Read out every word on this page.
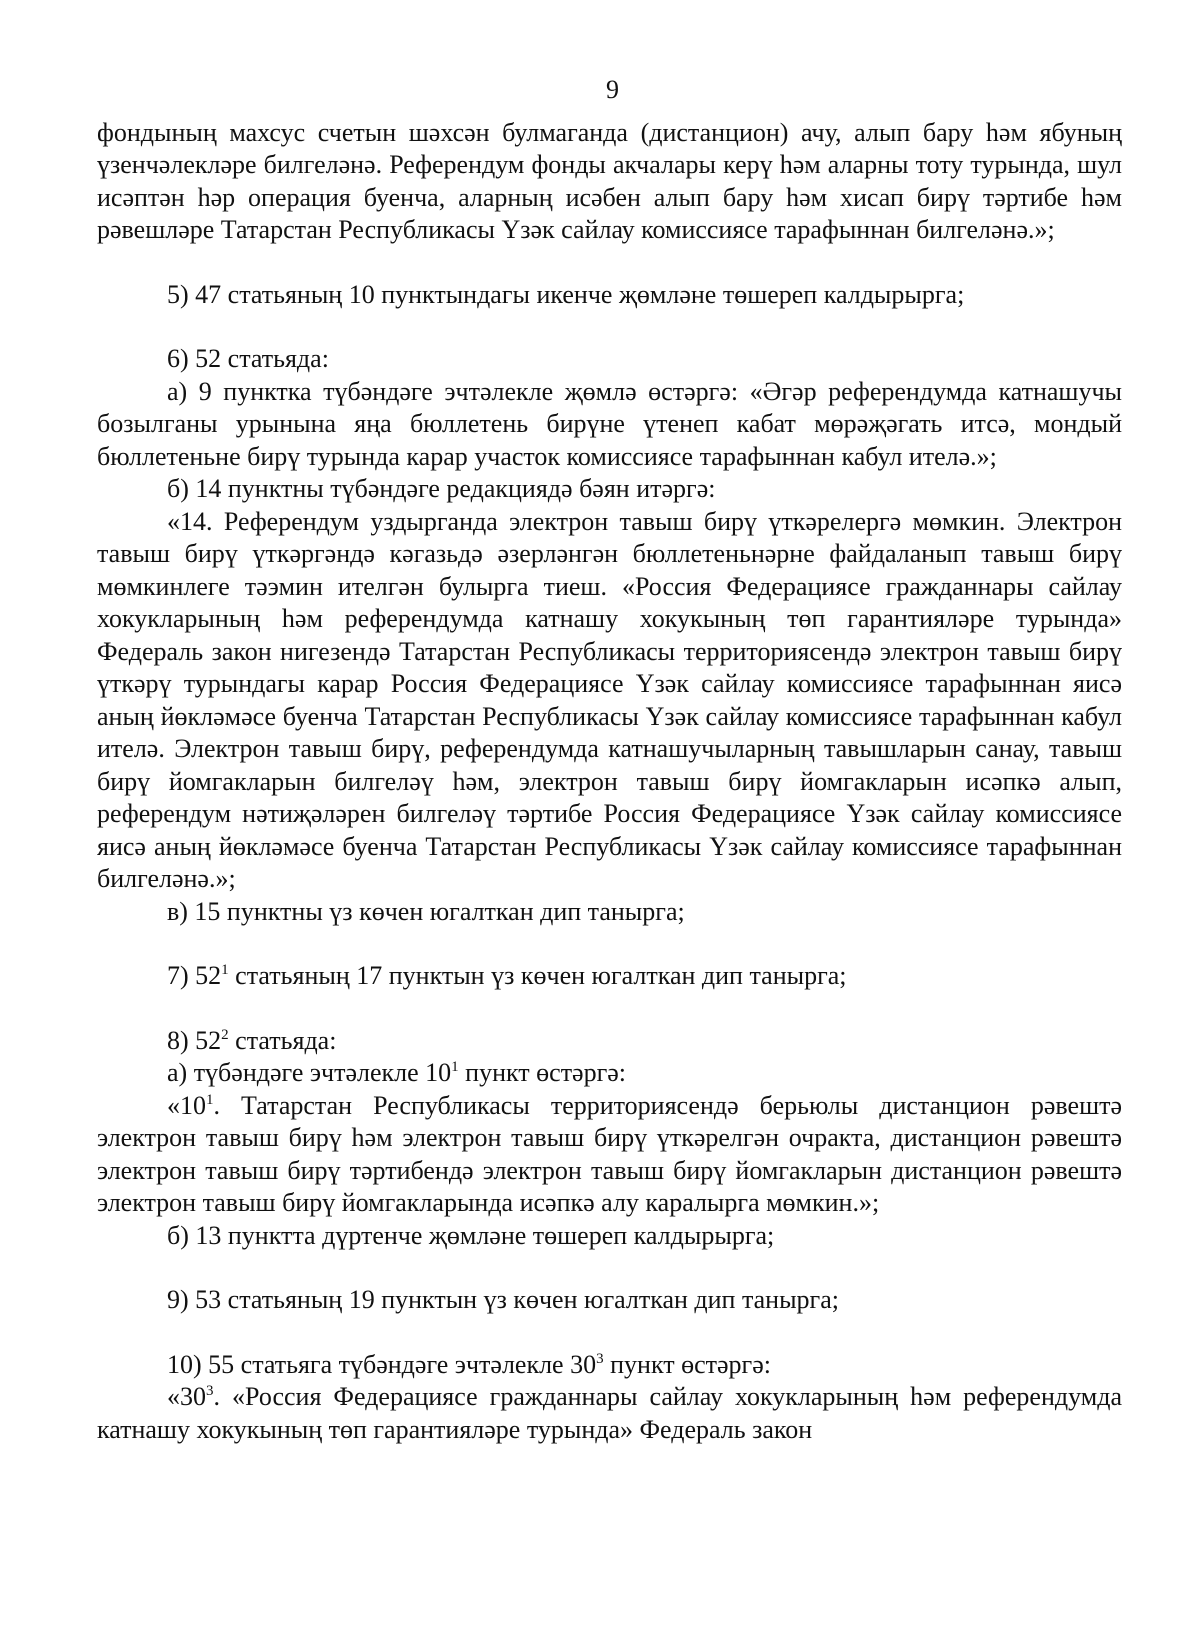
9

фондының махсус счетын шәхсән булмаганда (дистанцион) ачу, алып бару һәм ябуның үзенчәлекләре билгеләнә. Референдум фонды акчалары керү һәм аларны тоту турында, шул исәптән һәр операция буенча, аларның исәбен алып бару һәм хисап бирү тәртибе һәм рәвешләре Татарстан Республикасы Үзәк сайлау комиссиясе тарафыннан билгеләнә.»;

5) 47 статьяның 10 пунктындагы икенче җөмләне төшереп калдырырга;

6) 52 статьяда:

а) 9 пунктка түбәндәге эчтәлекле җөмлә өстәргә: «Әгәр референдумда катнашучы бозылганы урынына яңа бюллетень бирүне үтенеп кабат мөрәҗәгать итсә, мондый бюллетеньне бирү турында карар участок комиссиясе тарафыннан кабул ителә.»;

б) 14 пунктны түбәндәге редакциядә бәян итәргә:

«14. Референдум уздырганда электрон тавыш бирү үткәрелергә мөмкин. Электрон тавыш бирү үткәргәндә кәгазьдә әзерләнгән бюллетеньнәрне файдаланып тавыш бирү мөмкинлеге тәэмин ителгән булырга тиеш. «Россия Федерациясе гражданнары сайлау хокукларының һәм референдумда катнашу хокукының төп гарантияләре турында» Федераль закон нигезендә Татарстан Республикасы территориясендә электрон тавыш бирү үткәрү турындагы карар Россия Федерациясе Үзәк сайлау комиссиясе тарафыннан яисә аның йөкләмәсе буенча Татарстан Республикасы Үзәк сайлау комиссиясе тарафыннан кабул ителә. Электрон тавыш бирү, референдумда катнашучыларның тавышларын санау, тавыш бирү йомгакларын билгеләү һәм, электрон тавыш бирү йомгакларын исәпкә алып, референдум нәтиҗәләрен билгеләү тәртибе Россия Федерациясе Үзәк сайлау комиссиясе яисә аның йөкләмәсе буенча Татарстан Республикасы Үзәк сайлау комиссиясе тарафыннан билгеләнә.»;

в) 15 пунктны үз көчен югалткан дип танырга;

7) $52^1$ статьяның 17 пунктын үз көчен югалткан дип танырга;

8) $52^2$ статьяда:

а) түбәндәге эчтәлекле $10^1$ пункт өстәргә:

«$10^1$. Татарстан Республикасы территориясендә берьюлы дистанцион рәвештә электрон тавыш бирү һәм электрон тавыш бирү үткәрелгән очракта, дистанцион рәвештә электрон тавыш бирү тәртибендә электрон тавыш бирү йомгакларын дистанцион рәвештә электрон тавыш бирү йомгакларында исәпкә алу каралырга мөмкин.»;

б) 13 пунктта дүртенче җөмләне төшереп калдырырга;

9) 53 статьяның 19 пунктын үз көчен югалткан дип танырга;

10) 55 статьяга түбәндәге эчтәлекле $30^3$ пункт өстәргә:

«$30^3$. «Россия Федерациясе гражданнары сайлау хокукларының һәм референдумда катнашу хокукының төп гарантияләре турында» Федераль закон
